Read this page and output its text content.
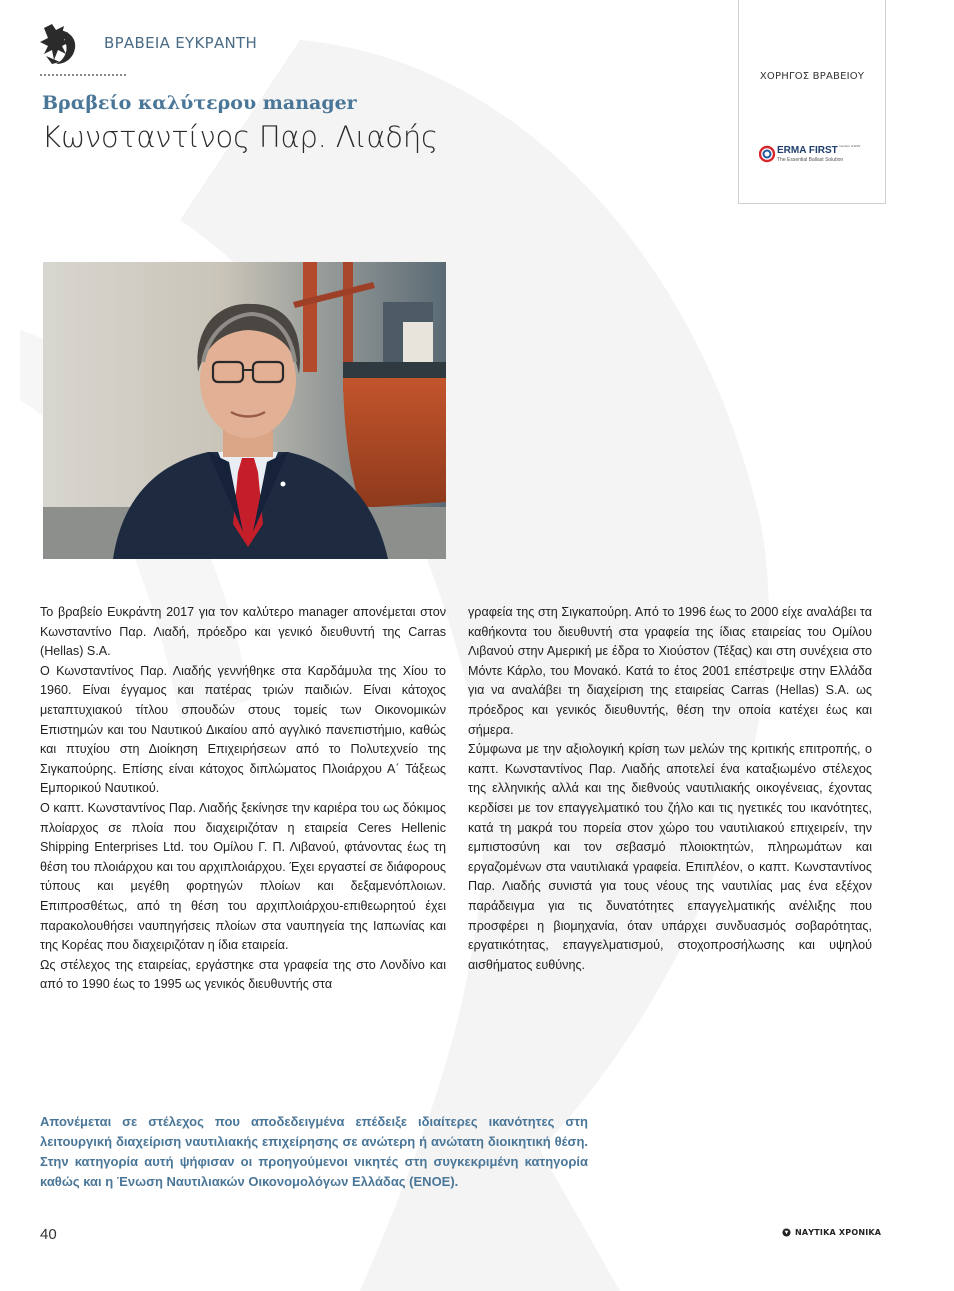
ΒΡΑΒΕΙΑ ΕΥΚΡΑΝΤΗ
Βραβείο καλύτερου manager
Κωνσταντίνος Παρ. Λιαδής
ΧΟΡΗΓΟΣ ΒΡΑΒΕΙΟΥ
ERMA FIRST member of ESN
The Essential Ballast Solution

Το βραβείο Ευκράντη 2017 για τον καλύτερο manager απονέμεται στον Κωνσταντίνο Παρ. Λιαδή, πρόεδρο και γενικό διευθυντή της Carras (Hellas) S.A.

Ο Κωνσταντίνος Παρ. Λιαδής γεννήθηκε στα Καρδάμυλα της Χίου το 1960. Είναι έγγαμος και πατέρας τριών παιδιών. Είναι κάτοχος μεταπτυχιακού τίτλου σπουδών στους τομείς των Οικονομικών Επιστημών και του Ναυτικού Δικαίου από αγγλικό πανεπιστήμιο, καθώς και πτυχίου στη Διοίκηση Επιχειρήσεων από το Πολυτεχνείο της Σιγκαπούρης. Επίσης είναι κάτοχος διπλώματος Πλοιάρχου Α΄ Τάξεως Εμπορικού Ναυτικού.

Ο καπτ. Κωνσταντίνος Παρ. Λιαδής ξεκίνησε την καριέρα του ως δόκιμος πλοίαρχος σε πλοία που διαχειριζόταν η εταιρεία Ceres Hellenic Shipping Enterprises Ltd. του Ομίλου Γ. Π. Λιβανού, φτάνοντας έως τη θέση του πλοιάρχου και του αρχιπλοιάρχου. Έχει εργαστεί σε διάφορους τύπους και μεγέθη φορτηγών πλοίων και δεξαμενόπλοιων. Επιπροσθέτως, από τη θέση του αρχιπλοιάρχου-επιθεωρητού έχει παρακολουθήσει ναυπηγήσεις πλοίων στα ναυπηγεία της Ιαπωνίας και της Κορέας που διαχειριζόταν η ίδια εταιρεία.

Ως στέλεχος της εταιρείας, εργάστηκε στα γραφεία της στο Λονδίνο και από το 1990 έως το 1995 ως γενικός διευθυντής στα

γραφεία της στη Σιγκαπούρη. Από το 1996 έως το 2000 είχε αναλάβει τα καθήκοντα του διευθυντή στα γραφεία της ίδιας εταιρείας του Ομίλου Λιβανού στην Αμερική με έδρα το Χιούστον (Τέξας) και στη συνέχεια στο Μόντε Κάρλο, του Μονακό. Κατά το έτος 2001 επέστρεψε στην Ελλάδα για να αναλάβει τη διαχείριση της εταιρείας Carras (Hellas) S.A. ως πρόεδρος και γενικός διευθυντής, θέση την οποία κατέχει έως και σήμερα.

Σύμφωνα με την αξιολογική κρίση των μελών της κριτικής επιτροπής, ο καπτ. Κωνσταντίνος Παρ. Λιαδής αποτελεί ένα καταξιωμένο στέλεχος της ελληνικής αλλά και της διεθνούς ναυτιλιακής οικογένειας, έχοντας κερδίσει με τον επαγγελματικό του ζήλο και τις ηγετικές του ικανότητες, κατά τη μακρά του πορεία στον χώρο του ναυτιλιακού επιχειρείν, την εμπιστοσύνη και τον σεβασμό πλοιοκτητών, πληρωμάτων και εργαζομένων στα ναυτιλιακά γραφεία. Επιπλέον, ο καπτ. Κωνσταντίνος Παρ. Λιαδής συνιστά για τους νέους της ναυτιλίας μας ένα εξέχον παράδειγμα για τις δυνατότητες επαγγελματικής ανέλιξης που προσφέρει η βιομηχανία, όταν υπάρχει συνδυασμός σοβαρότητας, εργατικότητας, επαγγελματισμού, στοχοπροσήλωσης και υψηλού αισθήματος ευθύνης.

Απονέμεται σε στέλεχος που αποδεδειγμένα επέδειξε ιδιαίτερες ικανότητες στη λειτουργική διαχείριση ναυτιλιακής επιχείρησης σε ανώτερη ή ανώτατη διοικητική θέση. Στην κατηγορία αυτή ψήφισαν οι προηγούμενοι νικητές στη συγκεκριμένη κατηγορία καθώς και η Ένωση Ναυτιλιακών Οικονομολόγων Ελλάδας (ΕΝΟΕ).
40	ΝΑΥΤΙΚΑ ΧΡΟΝΙΚΑ
